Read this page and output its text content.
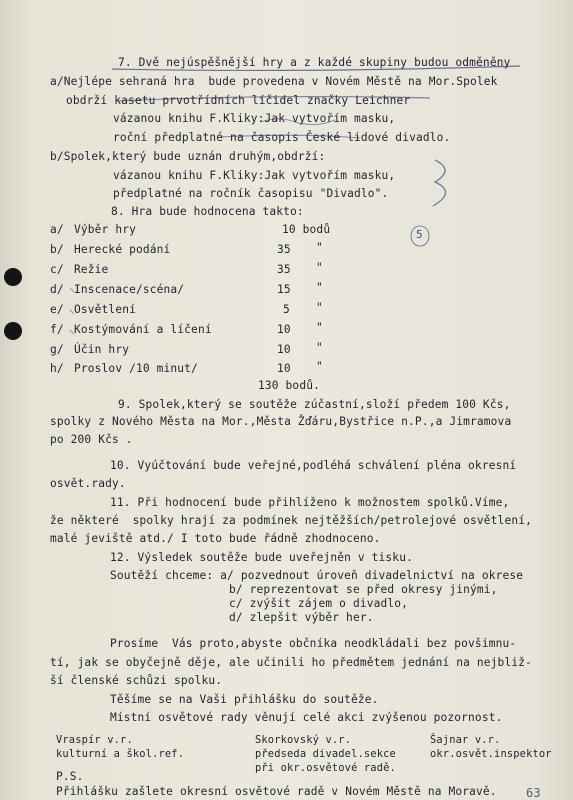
7. Dvě nejúspěšnější hry a z každé skupiny budou odměněny
a/Nejlépe sehraná hra  bude provedena v Novém Městě na Mor.Spolek
obdrží kasetu prvotřídních líčidel značky Leichner
vázanou knihu F.Kliky:Jak vytvořím masku,
roční předplatné na časopis České lidové divadlo.
b/Spolek,který bude uznán druhým,obdrží:
vázanou knihu F.Kliky:Jak vytvořím masku,
předplatné na ročník časopisu "Divadlo".
8. Hra bude hodnocena takto:
a/ Výběr hry	10 bodů
b/ Herecké podání	35 "
c/ Režie	35 "
d/ Inscenace/scéna/	15 "
e/ Osvětlení	5 "
f/ Kostýmování a líčení	10 "
g/ Účin hry	10 "
h/ Proslov /10 minut/	10 "
130 bodů.
9. Spolek,který se soutěže zúčastní,složí předem 100 Kčs,
spolky z Nového Města na Mor.,Města Žďáru,Bystřice n.P.,a Jimramova
po 200 Kčs .
10. Vyúčtování bude veřejné,podléhá schválení pléna okresní
osvět.rady.
11. Při hodnocení bude přihlíženo k možnostem spolků.Víme,
že některé  spolky hrají za podmínek nejtěžších/petrolejové osvětlení,
malé jeviště atd./ I toto bude řádně zhodnoceno.
12. Výsledek soutěže bude uveřejněn v tisku.
Soutěží chceme: a/ pozvednout úroveň divadelnictví na okrese
b/ reprezentovat se před okresy jinými,
c/ zvýšit zájem o divadlo,
d/ zlepšit výběr her.
Prosíme  Vás proto,abyste občníka neodkládali bez povšimnu-
tí, jak se obyčejně děje, ale učinili ho předmětem jednání na nejbliž-
ší členské schůzi spolku.
Těšíme se na Vaši přihlášku do soutěže.
Místní osvětové rady věnují celé akci zvýšenou pozornost.
Vraspír v.r.
kulturní a škol.ref.
Skorkovský v.r.
předseda divadel.sekce
při okr.osvětové radě.
Šajnar v.r.
okr.osvět.inspektor
P.S.
Přihlášku zašlete okresní osvětové radě v Novém Městě na Moravě.
5
63
